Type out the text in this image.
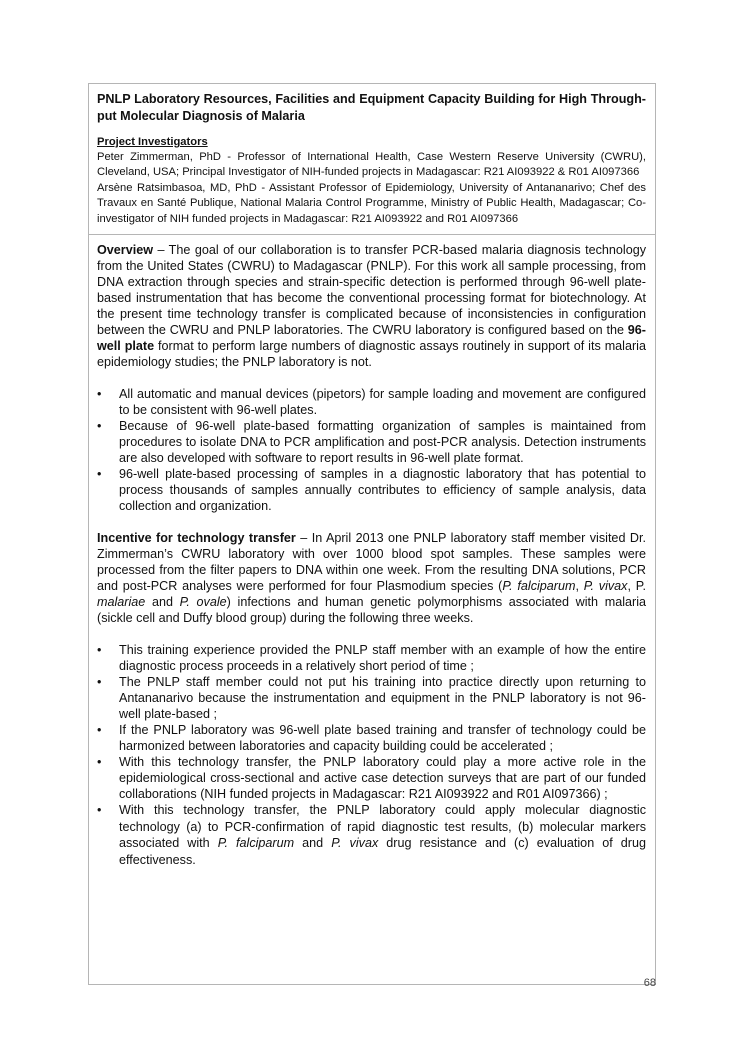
PNLP Laboratory Resources, Facilities and Equipment Capacity Building for High Through-put Molecular Diagnosis of Malaria

Project Investigators

Peter Zimmerman, PhD - Professor of International Health, Case Western Reserve University (CWRU), Cleveland, USA; Principal Investigator of NIH-funded projects in Madagascar: R21 AI093922 & R01 AI097366

Arsène Ratsimbasoa, MD, PhD - Assistant Professor of Epidemiology, University of Antananarivo; Chef des Travaux en Santé Publique, National Malaria Control Programme, Ministry of Public Health, Madagascar; Co-investigator of NIH funded projects in Madagascar: R21 AI093922 and R01 AI097366

Overview – The goal of our collaboration is to transfer PCR-based malaria diagnosis technology from the United States (CWRU) to Madagascar (PNLP). For this work all sample processing, from DNA extraction through species and strain-specific detection is performed through 96-well plate-based instrumentation that has become the conventional processing format for biotechnology. At the present time technology transfer is complicated because of inconsistencies in configuration between the CWRU and PNLP laboratories. The CWRU laboratory is configured based on the 96-well plate format to perform large numbers of diagnostic assays routinely in support of its malaria epidemiology studies; the PNLP laboratory is not.

•	All automatic and manual devices (pipetors) for sample loading and movement are configured to be consistent with 96-well plates.
•	Because of 96-well plate-based formatting organization of samples is maintained from procedures to isolate DNA to PCR amplification and post-PCR analysis. Detection instruments are also developed with software to report results in 96-well plate format.
•	96-well plate-based processing of samples in a diagnostic laboratory that has potential to process thousands of samples annually contributes to efficiency of sample analysis, data collection and organization.

Incentive for technology transfer – In April 2013 one PNLP laboratory staff member visited Dr. Zimmerman’s CWRU laboratory with over 1000 blood spot samples. These samples were processed from the filter papers to DNA within one week. From the resulting DNA solutions, PCR and post-PCR analyses were performed for four Plasmodium species (P. falciparum, P. vivax, P. malariae and P. ovale) infections and human genetic polymorphisms associated with malaria (sickle cell and Duffy blood group) during the following three weeks.

•	This training experience provided the PNLP staff member with an example of how the entire diagnostic process proceeds in a relatively short period of time ;
•	The PNLP staff member could not put his training into practice directly upon returning to Antananarivo because the instrumentation and equipment in the PNLP laboratory is not 96-well plate-based ;
•	If the PNLP laboratory was 96-well plate based training and transfer of technology could be harmonized between laboratories and capacity building could be accelerated ;
•	With this technology transfer, the PNLP laboratory could play a more active role in the epidemiological cross-sectional and active case detection surveys that are part of our funded collaborations (NIH funded projects in Madagascar: R21 AI093922 and R01 AI097366) ;
•	With this technology transfer, the PNLP laboratory could apply molecular diagnostic technology (a) to PCR-confirmation of rapid diagnostic test results, (b) molecular markers associated with P. falciparum and P. vivax drug resistance and (c) evaluation of drug effectiveness.
68
